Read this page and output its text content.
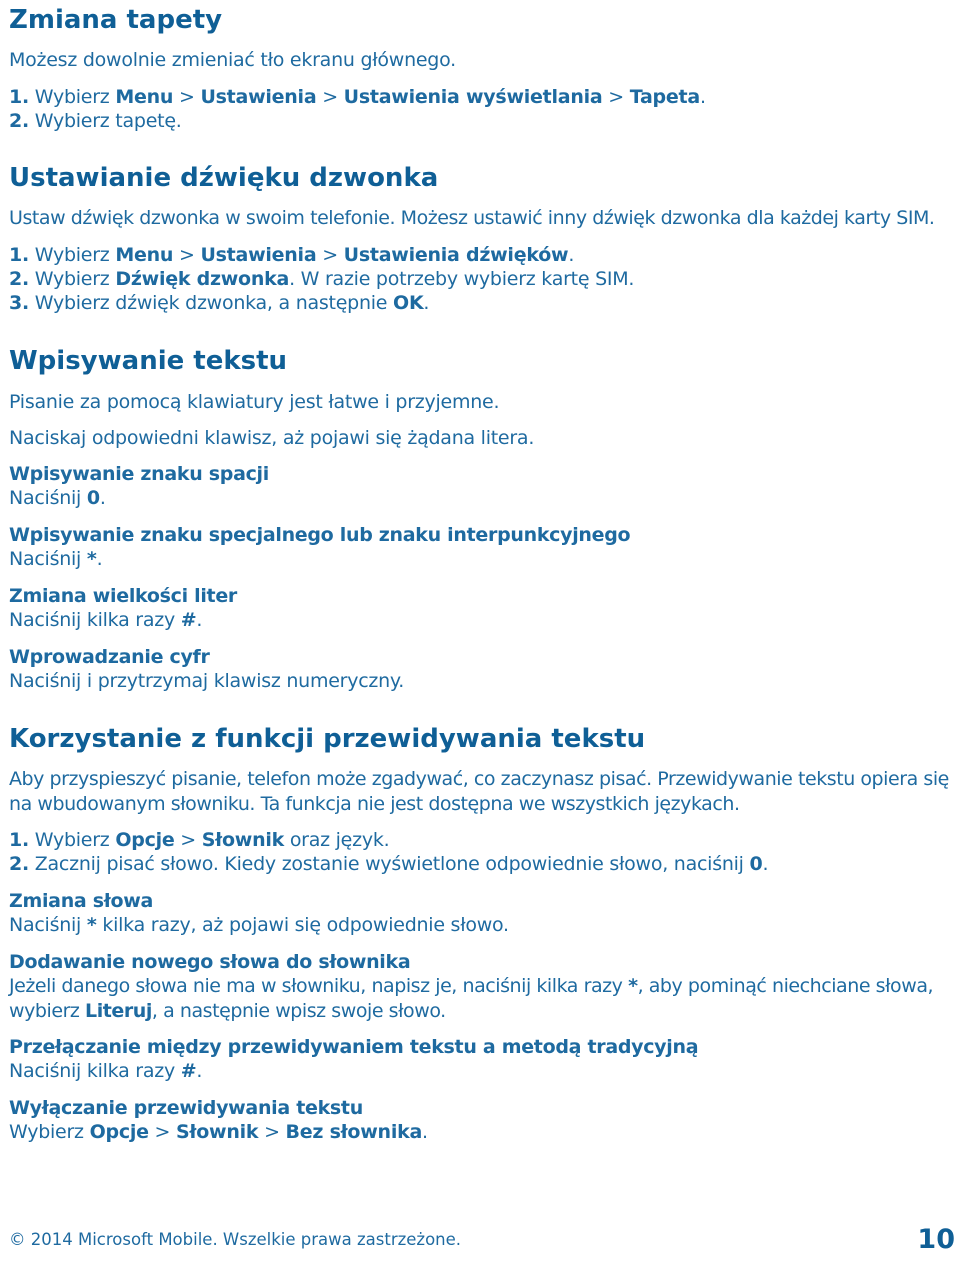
Zmiana tapety
Możesz dowolnie zmieniać tło ekranu głównego.
1. Wybierz Menu > Ustawienia > Ustawienia wyświetlania > Tapeta.
2. Wybierz tapetę.
Ustawianie dźwięku dzwonka
Ustaw dźwięk dzwonka w swoim telefonie. Możesz ustawić inny dźwięk dzwonka dla każdej karty SIM.
1. Wybierz Menu > Ustawienia > Ustawienia dźwięków.
2. Wybierz Dźwięk dzwonka. W razie potrzeby wybierz kartę SIM.
3. Wybierz dźwięk dzwonka, a następnie OK.
Wpisywanie tekstu
Pisanie za pomocą klawiatury jest łatwe i przyjemne.
Naciskaj odpowiedni klawisz, aż pojawi się żądana litera.
Wpisywanie znaku spacji
Naciśnij 0.
Wpisywanie znaku specjalnego lub znaku interpunkcyjnego
Naciśnij *.
Zmiana wielkości liter
Naciśnij kilka razy #.
Wprowadzanie cyfr
Naciśnij i przytrzymaj klawisz numeryczny.
Korzystanie z funkcji przewidywania tekstu
Aby przyspieszyć pisanie, telefon może zgadywać, co zaczynasz pisać. Przewidywanie tekstu opiera się na wbudowanym słowniku. Ta funkcja nie jest dostępna we wszystkich językach.
1. Wybierz Opcje > Słownik oraz język.
2. Zacznij pisać słowo. Kiedy zostanie wyświetlone odpowiednie słowo, naciśnij 0.
Zmiana słowa
Naciśnij * kilka razy, aż pojawi się odpowiednie słowo.
Dodawanie nowego słowa do słownika
Jeżeli danego słowa nie ma w słowniku, napisz je, naciśnij kilka razy *, aby pominąć niechciane słowa, wybierz Literuj, a następnie wpisz swoje słowo.
Przełączanie między przewidywaniem tekstu a metodą tradycyjną
Naciśnij kilka razy #.
Wyłączanie przewidywania tekstu
Wybierz Opcje > Słownik > Bez słownika.
© 2014 Microsoft Mobile. Wszelkie prawa zastrzeżone.	10
